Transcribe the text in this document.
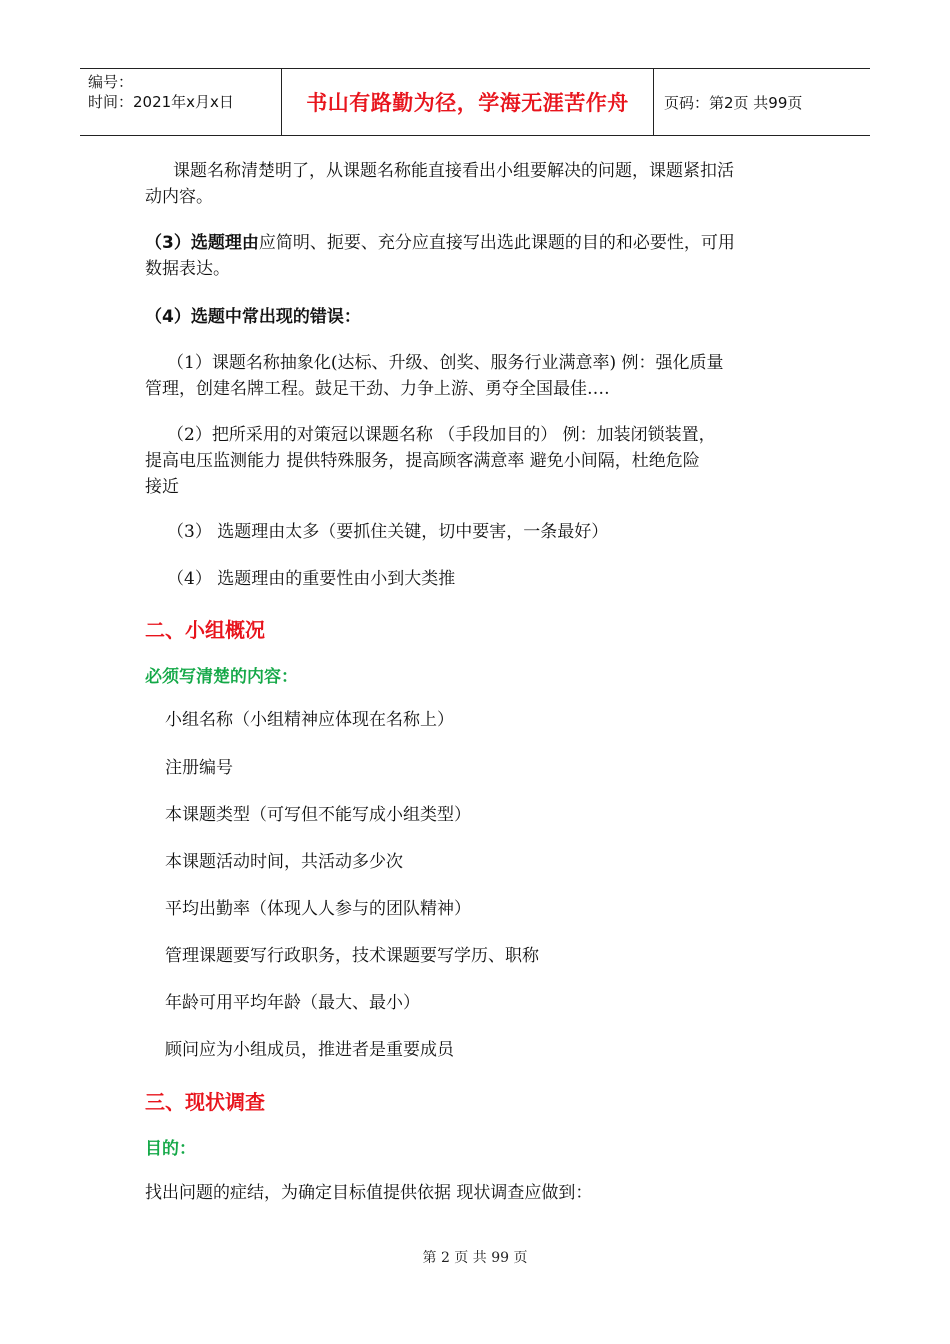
编号：
时间：2021年x月x日	书山有路勤为径，学海无涯苦作舟	页码：第2页 共99页
课题名称清楚明了，从课题名称能直接看出小组要解决的问题，课题紧扣活
动内容。
（3）选题理由应简明、扼要、充分应直接写出选此课题的目的和必要性，可用
数据表达。
（4）选题中常出现的错误：
（1）课题名称抽象化(达标、升级、创奖、服务行业满意率) 例：强化质量
管理，创建名牌工程。鼓足干劲、力争上游、勇夺全国最佳‥‥
（2）把所采用的对策冠以课题名称 （手段加目的） 例：加装闭锁装置，
提高电压监测能力 提供特殊服务，提高顾客满意率 避免小间隔，杜绝危险
接近
（3） 选题理由太多（要抓住关键，切中要害，一条最好）
（4） 选题理由的重要性由小到大类推
二、小组概况
必须写清楚的内容：
小组名称（小组精神应体现在名称上）
注册编号
本课题类型（可写但不能写成小组类型）
本课题活动时间，共活动多少次
平均出勤率（体现人人参与的团队精神）
管理课题要写行政职务，技术课题要写学历、职称
年龄可用平均年龄（最大、最小）
顾问应为小组成员，推进者是重要成员
三、现状调查
目的：
找出问题的症结，为确定目标值提供依据 现状调查应做到：
第 2 页 共 99 页
